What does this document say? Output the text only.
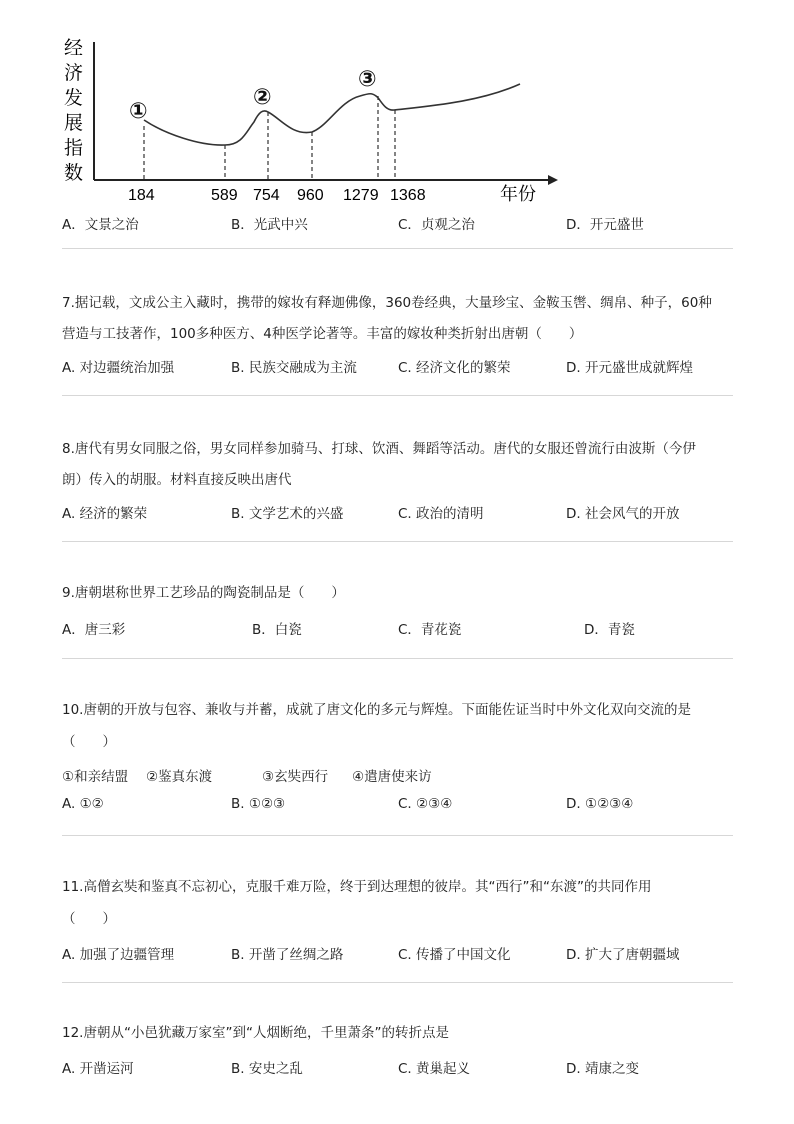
经
济
发
展
指
数
①
②
③
184	589 754 960 1279 1368	年份
A．文景之治	B．光武中兴	C．贞观之治	D．开元盛世
7.据记载，文成公主入藏时，携带的嫁妆有释迦佛像，360卷经典，大量珍宝、金鞍玉辔、绸帛、种子，60种
营造与工技著作，100多种医方、4种医学论著等。丰富的嫁妆种类折射出唐朝（　　）
A. 对边疆统治加强	B. 民族交融成为主流	C. 经济文化的繁荣	D. 开元盛世成就辉煌
8.唐代有男女同服之俗，男女同样参加骑马、打球、饮酒、舞蹈等活动。唐代的女服还曾流行由波斯（今伊
朗）传入的胡服。材料直接反映出唐代
A. 经济的繁荣	B. 文学艺术的兴盛	C. 政治的清明	D. 社会风气的开放
9.唐朝堪称世界工艺珍品的陶瓷制品是（　　）
A．唐三彩	B．白瓷	C．青花瓷	D．青瓷
10.唐朝的开放与包容、兼收与并蓄，成就了唐文化的多元与辉煌。下面能佐证当时中外文化双向交流的是
（　　）
①和亲结盟 ②鉴真东渡	③玄奘西行 ④遣唐使来访
A. ①②	B. ①②③	C. ②③④	D. ①②③④
11.高僧玄奘和鉴真不忘初心，克服千难万险，终于到达理想的彼岸。其“西行”和“东渡”的共同作用
（　　）
A. 加强了边疆管理	B. 开凿了丝绸之路	C. 传播了中国文化	D. 扩大了唐朝疆域
12.唐朝从“小邑犹藏万家室”到“人烟断绝，千里萧条”的转折点是
A. 开凿运河	B. 安史之乱	C. 黄巢起义	D. 靖康之变
